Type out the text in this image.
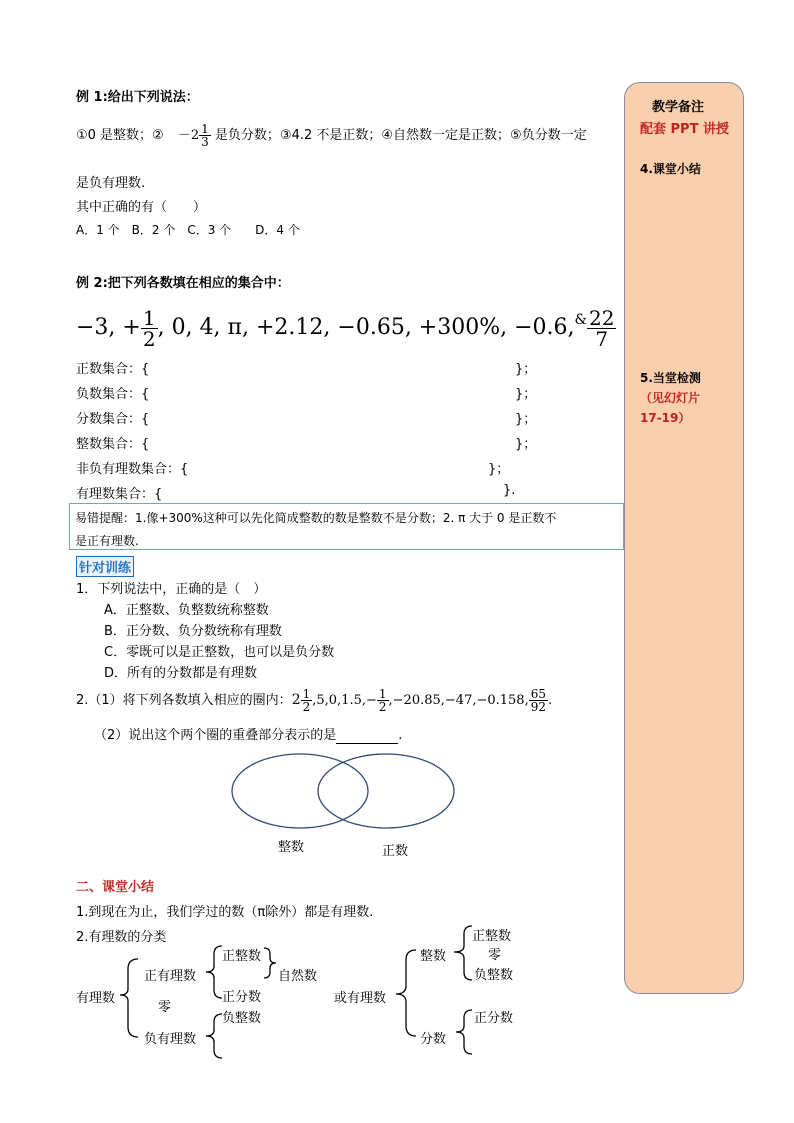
例 1:给出下列说法：
①0 是整数；② $-2 \frac{1}{3}$ 是负分数；③4.2 不是正数；④自然数一定是正数；⑤负分数一定
是负有理数.
其中正确的有（　　）
A．1 个　B．2 个　C．3 个　　D．4 个
例 2:把下列各数填在相应的集合中：
−3, + $\frac{1}{2}$ , 0, 4, π, +2.12, −0.65, +300%, $-0.6,^{\&} \frac{22}{7}$
正数集合：{	}；
负数集合：{	}；
分数集合：{	}；
整数集合：{	}；
非负有理数集合：{	}；
有理数集合：{	}.
易错提醒：1.像+300%这种可以先化简成整数的数是整数不是分数；2. π 大于 0 是正数不
是正有理数.
针对训练
1．下列说法中，正确的是（　）
A．正整数、负整数统称整数
B．正分数、负分数统称有理数
C．零既可以是正整数，也可以是负分数
D．所有的分数都是有理数
2.（1）将下列各数填入相应的圈内：$2 \frac{1}{2} ,5,0,1.5,- \frac{1}{2} ,-20.85,-47,-0.158$, $\frac{65}{92}$ .
（2）说出这个两个圈的重叠部分表示的是	.
整数	正数
二、课堂小结
1.到现在为止，我们学过的数（π除外）都是有理数.
2.有理数的分类
有理数
正有理数
零
负有理数
正整数
正分数
自然数
负整数
或有理数
整数
分数
正整数
零
负整数
正分数
教学备注
配套 PPT 讲授
4.课堂小结
5.当堂检测
（见幻灯片
17-19）
